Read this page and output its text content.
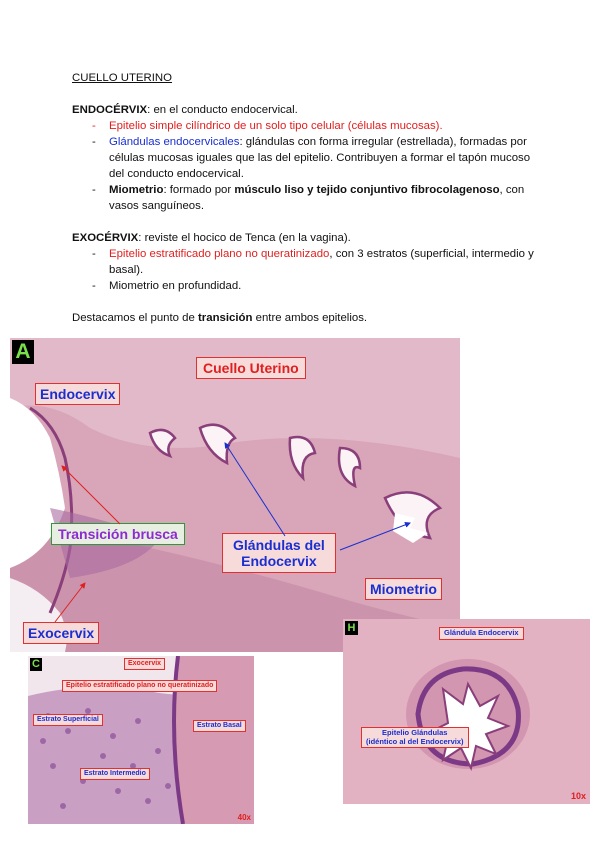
CUELLO UTERINO

ENDOCÉRVIX: en el conducto endocervical.

- Epitelio simple cilíndrico de un solo tipo celular (células mucosas).
- Glándulas endocervicales: glándulas con forma irregular (estrellada), formadas por células mucosas iguales que las del epitelio. Contribuyen a formar el tapón mucoso del conducto endocervical.
- Miometrio: formado por músculo liso y tejido conjuntivo fibrocolagenoso, con vasos sanguíneos.

EXOCÉRVIX: reviste el hocico de Tenca (en la vagina).

- Epitelio estratificado plano no queratinizado, con 3 estratos (superficial, intermedio y basal).
- Miometrio en profundidad.

Destacamos el punto de transición entre ambos epitelios.

A
Cuello Uterino
Endocervix
Transición brusca
Glándulas del
Endocervix
Miometrio
Exocervix
C	Exocervix
Epitelio estratificado plano no queratinizado
Estrato Superficial
Estrato Basal
Estrato Intermedio
40x
H	Glándula Endocervix
Epitelio Glándulas
(idéntico al del Endocervix)
10x
